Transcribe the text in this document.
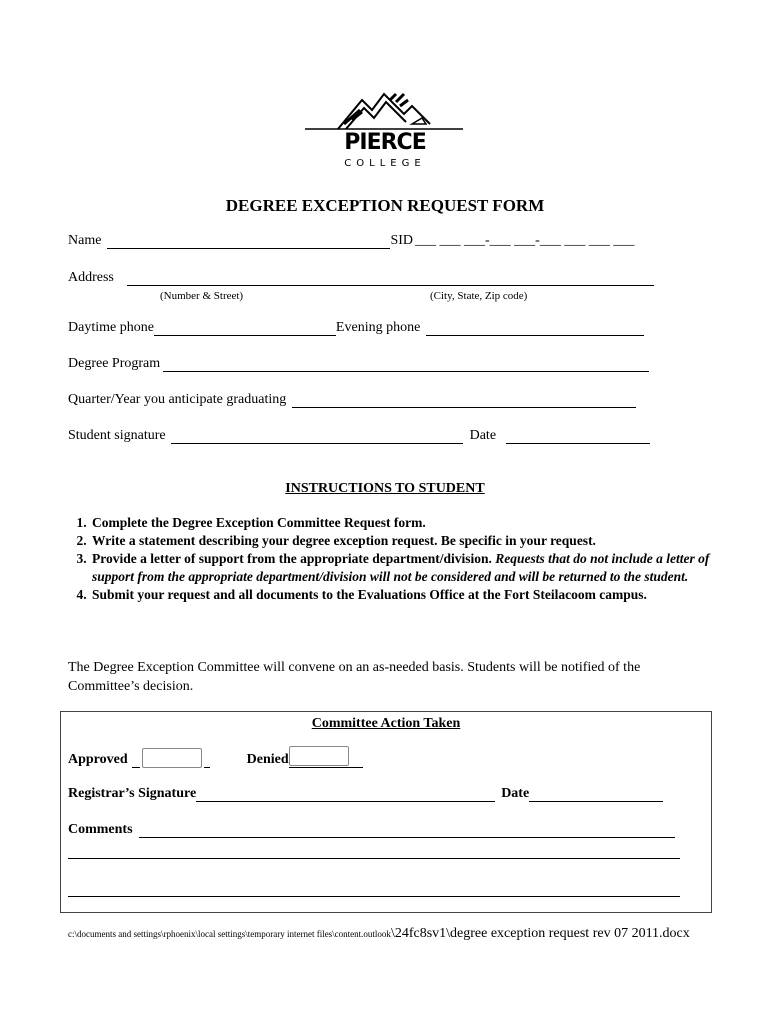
PIERCE
COLLEGE
DEGREE EXCEPTION REQUEST FORM
Name	SID ___ ___ ___-___ ___-___ ___ ___ ___
Address
(Number & Street)	(City, State, Zip code)
Daytime phone	Evening phone
Degree Program
Quarter/Year you anticipate graduating
Student signature	Date
INSTRUCTIONS TO STUDENT
1. Complete the Degree Exception Committee Request form.
2. Write a statement describing your degree exception request. Be specific in your request.
3. Provide a letter of support from the appropriate department/division. Requests that do not include a letter of support from the appropriate department/division will not be considered and will be returned to the student.
4. Submit your request and all documents to the Evaluations Office at the Fort Steilacoom campus.
The Degree Exception Committee will convene on an as-needed basis. Students will be notified of the Committee’s decision.
Committee Action Taken
Approved	Denied
Registrar’s Signature	Date
Comments
c:\documents and settings\rphoenix\local settings\temporary internet files\content.outlook\24fc8sv1\degree exception request rev 07 2011.docx
